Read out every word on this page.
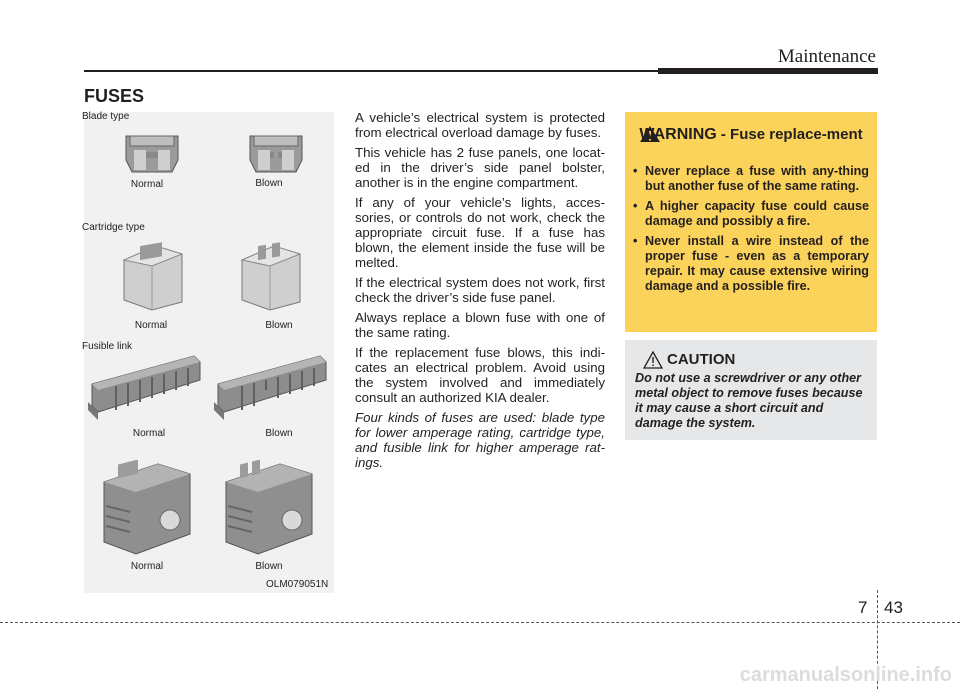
Maintenance
FUSES
Blade type
Normal	Blown
Cartridge type
Normal	Blown
Fusible link
Normal	Blown
Normal	Blown
OLM079051N

A vehicle’s electrical system is protected from electrical overload damage by fuses.

This vehicle has 2 fuse panels, one locat-ed in the driver’s side panel bolster, another is in the engine compartment.

If any of your vehicle’s lights, acces-sories, or controls do not work, check the appropriate circuit fuse. If a fuse has blown, the element inside the fuse will be melted.

If the electrical system does not work, first check the driver’s side fuse panel.

Always replace a blown fuse with one of the same rating.

If the replacement fuse blows, this indi-cates an electrical problem. Avoid using the system involved and immediately consult an authorized KIA dealer.

Four kinds of fuses are used: blade type for lower amperage rating, cartridge type, and fusible link for higher amperage rat-ings.

WARNING - Fuse replace-ment
• Never replace a fuse with any-thing but another fuse of the same rating.
• A higher capacity fuse could cause damage and possibly a fire.
• Never install a wire instead of the proper fuse - even as a temporary repair. It may cause extensive wiring damage and a possible fire.
CAUTION

Do not use a screwdriver or any other metal object to remove fuses because it may cause a short circuit and damage the system.

7 43
carmanualsonline.info
